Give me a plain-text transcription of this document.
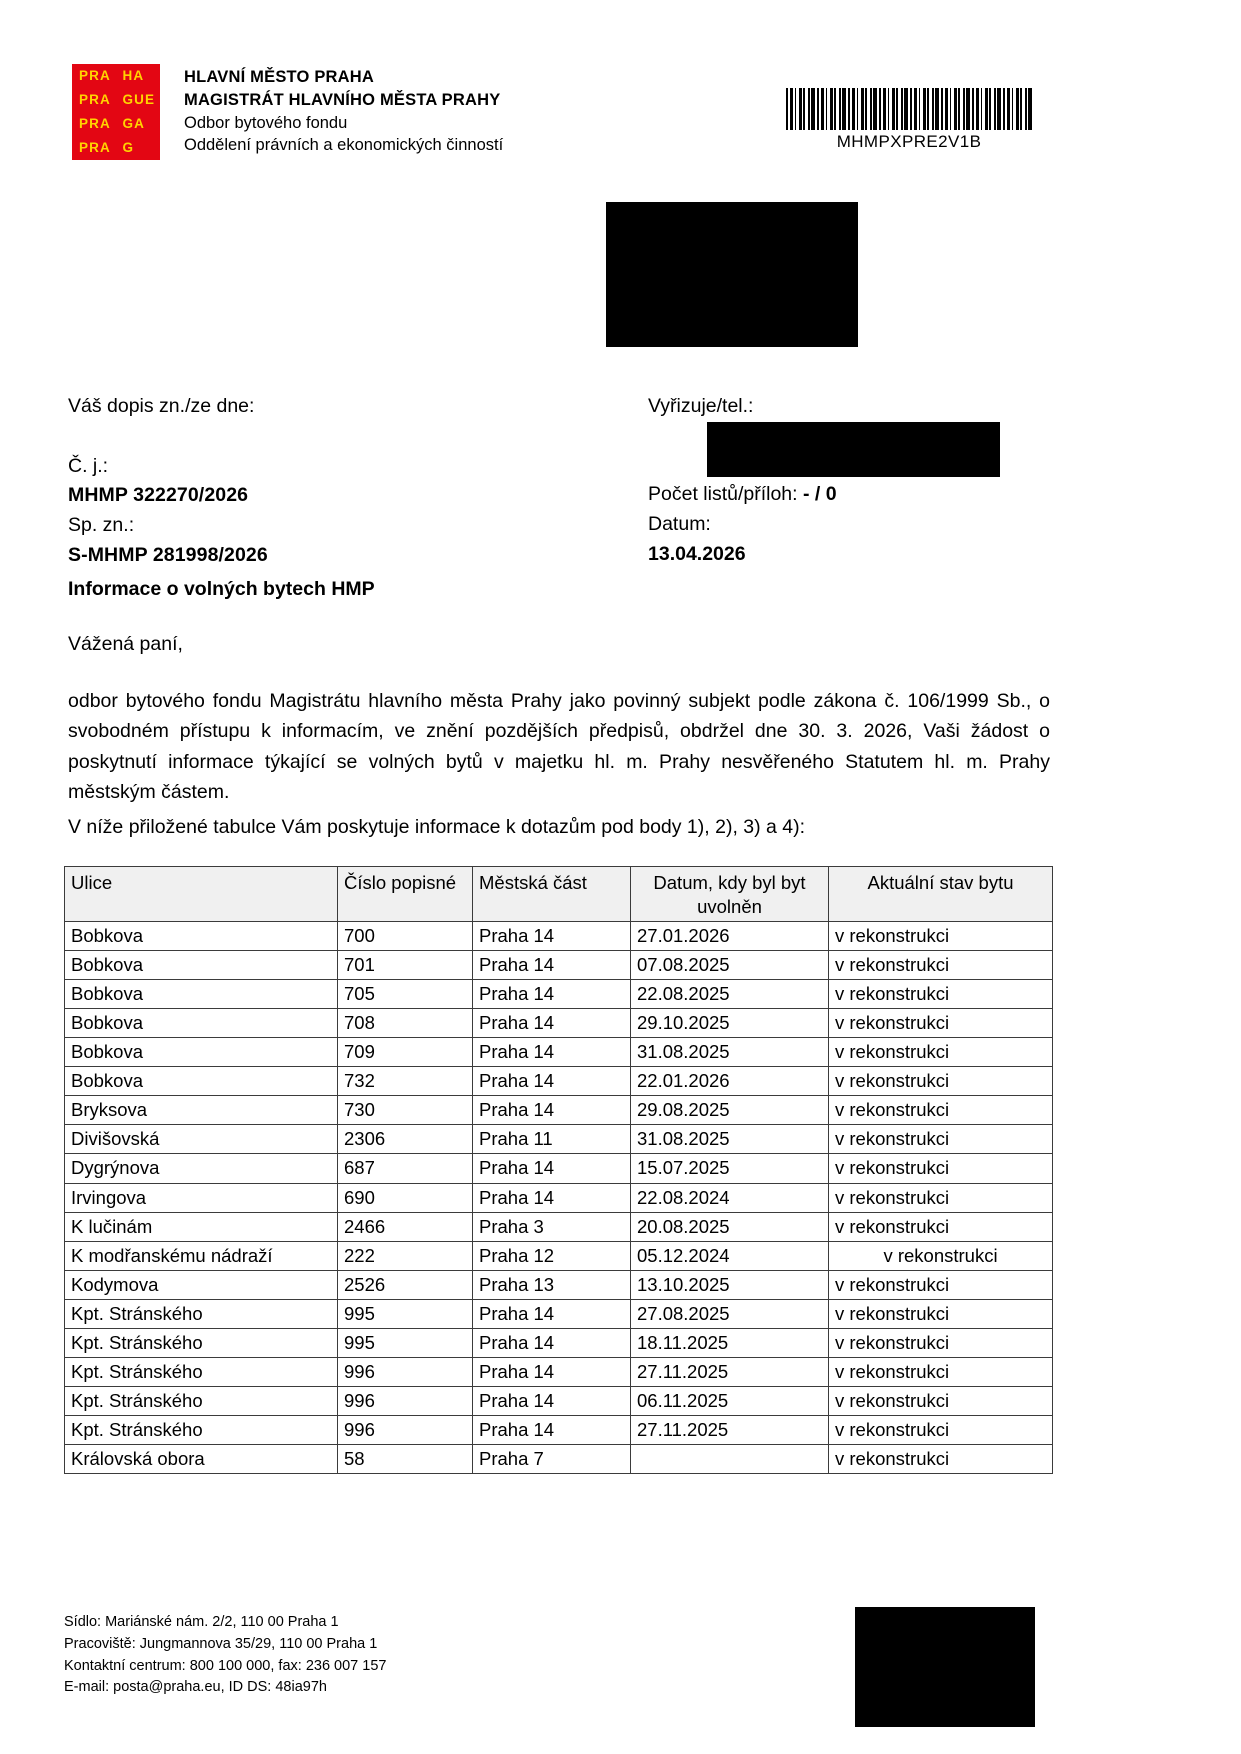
PRA HA
PRA GUE
PRA GA
PRA G
HLAVNÍ MĚSTO PRAHA
MAGISTRÁT HLAVNÍHO MĚSTA PRAHY
Odbor bytového fondu
Oddělení právních a ekonomických činností	MHMPXPRE2V1B
Váš dopis zn./ze dne:
Č. j.:
MHMP 322270/2026
Sp. zn.:
S-MHMP 281998/2026
Vyřizuje/tel.:
Počet listů/příloh: - / 0
Datum:
13.04.2026
Informace o volných bytech HMP
Vážená paní,
odbor bytového fondu Magistrátu hlavního města Prahy jako povinný subjekt podle zákona č. 106/1999 Sb., o svobodném přístupu k informacím, ve znění pozdějších předpisů, obdržel dne 30. 3. 2026, Vaši žádost o poskytnutí informace týkající se volných bytů v majetku hl. m. Prahy nesvěřeného Statutem hl. m. Prahy městským částem.
V níže přiložené tabulce Vám poskytuje informace k dotazům pod body 1), 2), 3) a 4):
Ulice	Číslo popisné	Městská část	Datum, kdy byl byt uvolněn	Aktuální stav bytu
Bobkova	700	Praha 14	27.01.2026	v rekonstrukci
Bobkova	701	Praha 14	07.08.2025	v rekonstrukci
Bobkova	705	Praha 14	22.08.2025	v rekonstrukci
Bobkova	708	Praha 14	29.10.2025	v rekonstrukci
Bobkova	709	Praha 14	31.08.2025	v rekonstrukci
Bobkova	732	Praha 14	22.01.2026	v rekonstrukci
Bryksova	730	Praha 14	29.08.2025	v rekonstrukci
Divišovská	2306	Praha 11	31.08.2025	v rekonstrukci
Dygrýnova	687	Praha 14	15.07.2025	v rekonstrukci
Irvingova	690	Praha 14	22.08.2024	v rekonstrukci
K lučinám	2466	Praha 3	20.08.2025	v rekonstrukci
K modřanskému nádraží	222	Praha 12	05.12.2024	v rekonstrukci
Kodymova	2526	Praha 13	13.10.2025	v rekonstrukci
Kpt. Stránského	995	Praha 14	27.08.2025	v rekonstrukci
Kpt. Stránského	995	Praha 14	18.11.2025	v rekonstrukci
Kpt. Stránského	996	Praha 14	27.11.2025	v rekonstrukci
Kpt. Stránského	996	Praha 14	06.11.2025	v rekonstrukci
Kpt. Stránského	996	Praha 14	27.11.2025	v rekonstrukci
Královská obora	58	Praha 7		v rekonstrukci
Sídlo: Mariánské nám. 2/2, 110 00 Praha 1
Pracoviště: Jungmannova 35/29, 110 00 Praha 1
Kontaktní centrum: 800 100 000, fax: 236 007 157
E-mail: posta@praha.eu, ID DS: 48ia97h
